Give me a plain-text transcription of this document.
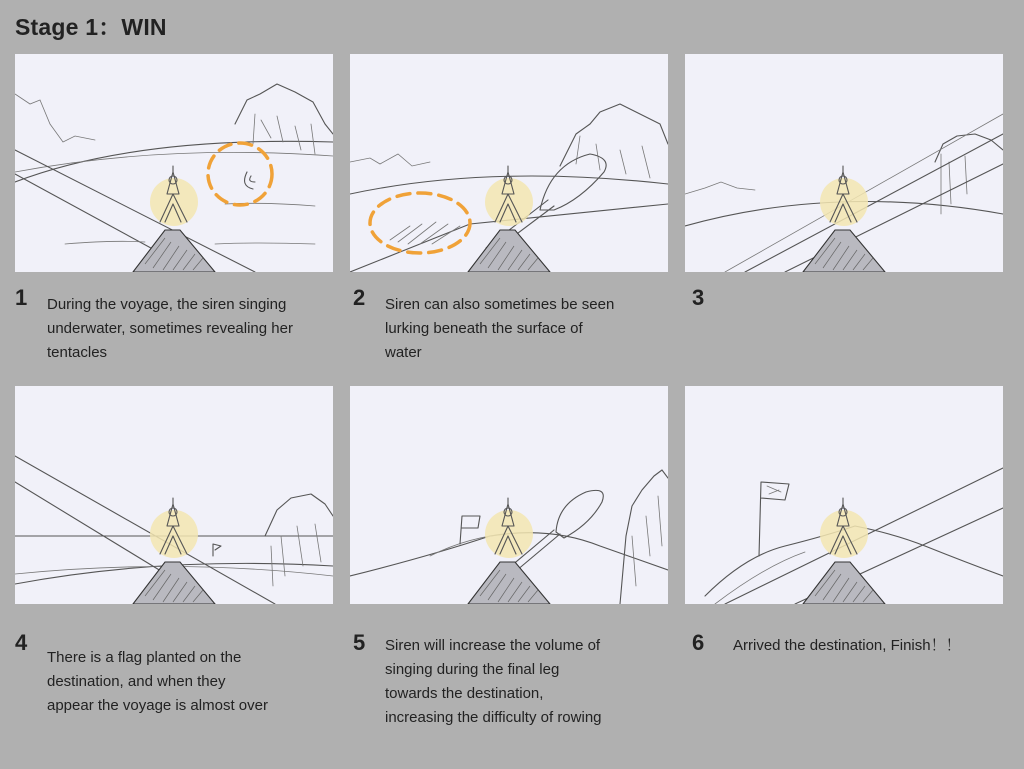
Stage 1：WIN
1 During the voyage, the siren singing
underwater, sometimes revealing her
tentacles
2 Siren can also sometimes be seen
lurking beneath the surface of
water
3
4
There is a flag planted on the
destination, and when they
appear the voyage is almost over
5 Siren will increase the volume of
singing during the final leg
towards the destination,
increasing the difficulty of rowing
6 Arrived the destination, Finish！！
